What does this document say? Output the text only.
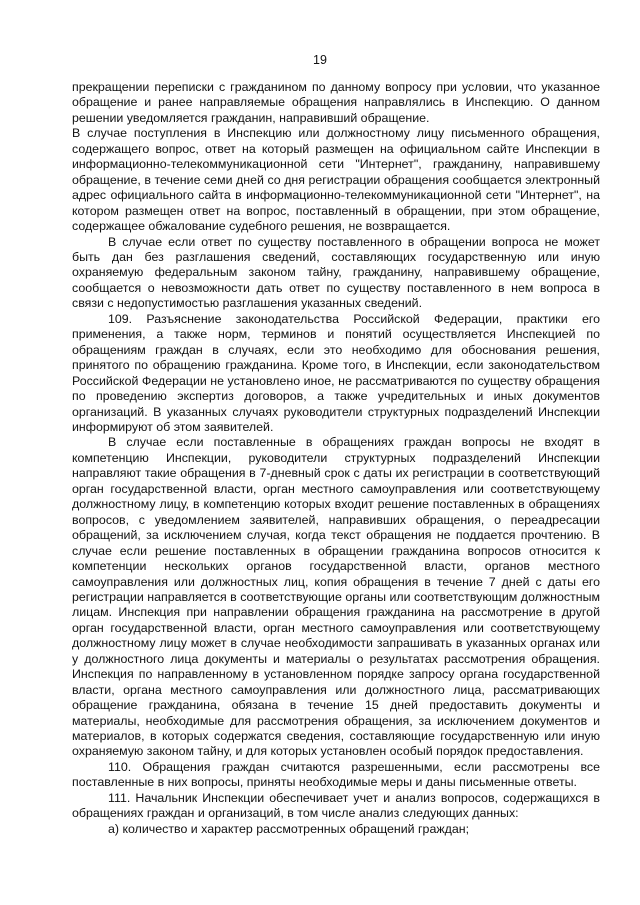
19

прекращении переписки с гражданином по данному вопросу при условии, что указанное обращение и ранее направляемые обращения направлялись в Инспекцию. О данном решении уведомляется гражданин, направивший обращение.

В случае поступления в Инспекцию или должностному лицу письменного обращения, содержащего вопрос, ответ на который размещен на официальном сайте Инспекции в информационно-телекоммуникационной сети "Интернет", гражданину, направившему обращение, в течение семи дней со дня регистрации обращения сообщается электронный адрес официального сайта в информационно-телекоммуникационной сети "Интернет", на котором размещен ответ на вопрос, поставленный в обращении, при этом обращение, содержащее обжалование судебного решения, не возвращается.

В случае если ответ по существу поставленного в обращении вопроса не может быть дан без разглашения сведений, составляющих государственную или иную охраняемую федеральным законом тайну, гражданину, направившему обращение, сообщается о невозможности дать ответ по существу поставленного в нем вопроса в связи с недопустимостью разглашения указанных сведений.

109. Разъяснение законодательства Российской Федерации, практики его применения, а также норм, терминов и понятий осуществляется Инспекцией по обращениям граждан в случаях, если это необходимо для обоснования решения, принятого по обращению гражданина. Кроме того, в Инспекции, если законодательством Российской Федерации не установлено иное, не рассматриваются по существу обращения по проведению экспертиз договоров, а также учредительных и иных документов организаций. В указанных случаях руководители структурных подразделений Инспекции информируют об этом заявителей.

В случае если поставленные в обращениях граждан вопросы не входят в компетенцию Инспекции, руководители структурных подразделений Инспекции направляют такие обращения в 7-дневный срок с даты их регистрации в соответствующий орган государственной власти, орган местного самоуправления или соответствующему должностному лицу, в компетенцию которых входит решение поставленных в обращениях вопросов, с уведомлением заявителей, направивших обращения, о переадресации обращений, за исключением случая, когда текст обращения не поддается прочтению. В случае если решение поставленных в обращении гражданина вопросов относится к компетенции нескольких органов государственной власти, органов местного самоуправления или должностных лиц, копия обращения в течение 7 дней с даты его регистрации направляется в соответствующие органы или соответствующим должностным лицам. Инспекция при направлении обращения гражданина на рассмотрение в другой орган государственной власти, орган местного самоуправления или соответствующему должностному лицу может в случае необходимости запрашивать в указанных органах или у должностного лица документы и материалы о результатах рассмотрения обращения. Инспекция по направленному в установленном порядке запросу органа государственной власти, органа местного самоуправления или должностного лица, рассматривающих обращение гражданина, обязана в течение 15 дней предоставить документы и материалы, необходимые для рассмотрения обращения, за исключением документов и материалов, в которых содержатся сведения, составляющие государственную или иную охраняемую законом тайну, и для которых установлен особый порядок предоставления.

110. Обращения граждан считаются разрешенными, если рассмотрены все поставленные в них вопросы, приняты необходимые меры и даны письменные ответы.

111. Начальник Инспекции обеспечивает учет и анализ вопросов, содержащихся в обращениях граждан и организаций, в том числе анализ следующих данных:

а) количество и характер рассмотренных обращений граждан;
